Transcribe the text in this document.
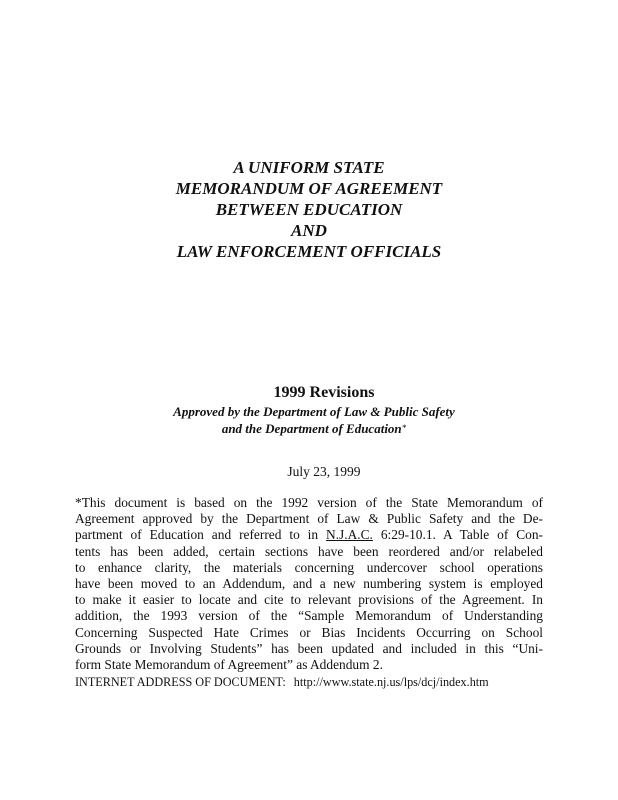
A UNIFORM STATE
MEMORANDUM OF AGREEMENT
BETWEEN EDUCATION
AND
LAW ENFORCEMENT OFFICIALS
1999 Revisions
Approved by the Department of Law & Public Safety
and the Department of Education*
July 23, 1999
*This document is based on the 1992 version of the State Memorandum of
Agreement approved by the Department of Law & Public Safety and the De-
partment of Education and referred to in N.J.A.C. 6:29-10.1. A Table of Con-
tents has been added, certain sections have been reordered and/or relabeled
to enhance clarity, the materials concerning undercover school operations
have been moved to an Addendum, and a new numbering system is employed
to make it easier to locate and cite to relevant provisions of the Agreement. In
addition, the 1993 version of the “Sample Memorandum of Understanding
Concerning Suspected Hate Crimes or Bias Incidents Occurring on School
Grounds or Involving Students” has been updated and included in this “Uni-
form State Memorandum of Agreement” as Addendum 2.
INTERNET ADDRESS OF DOCUMENT: http://www.state.nj.us/lps/dcj/index.htm
